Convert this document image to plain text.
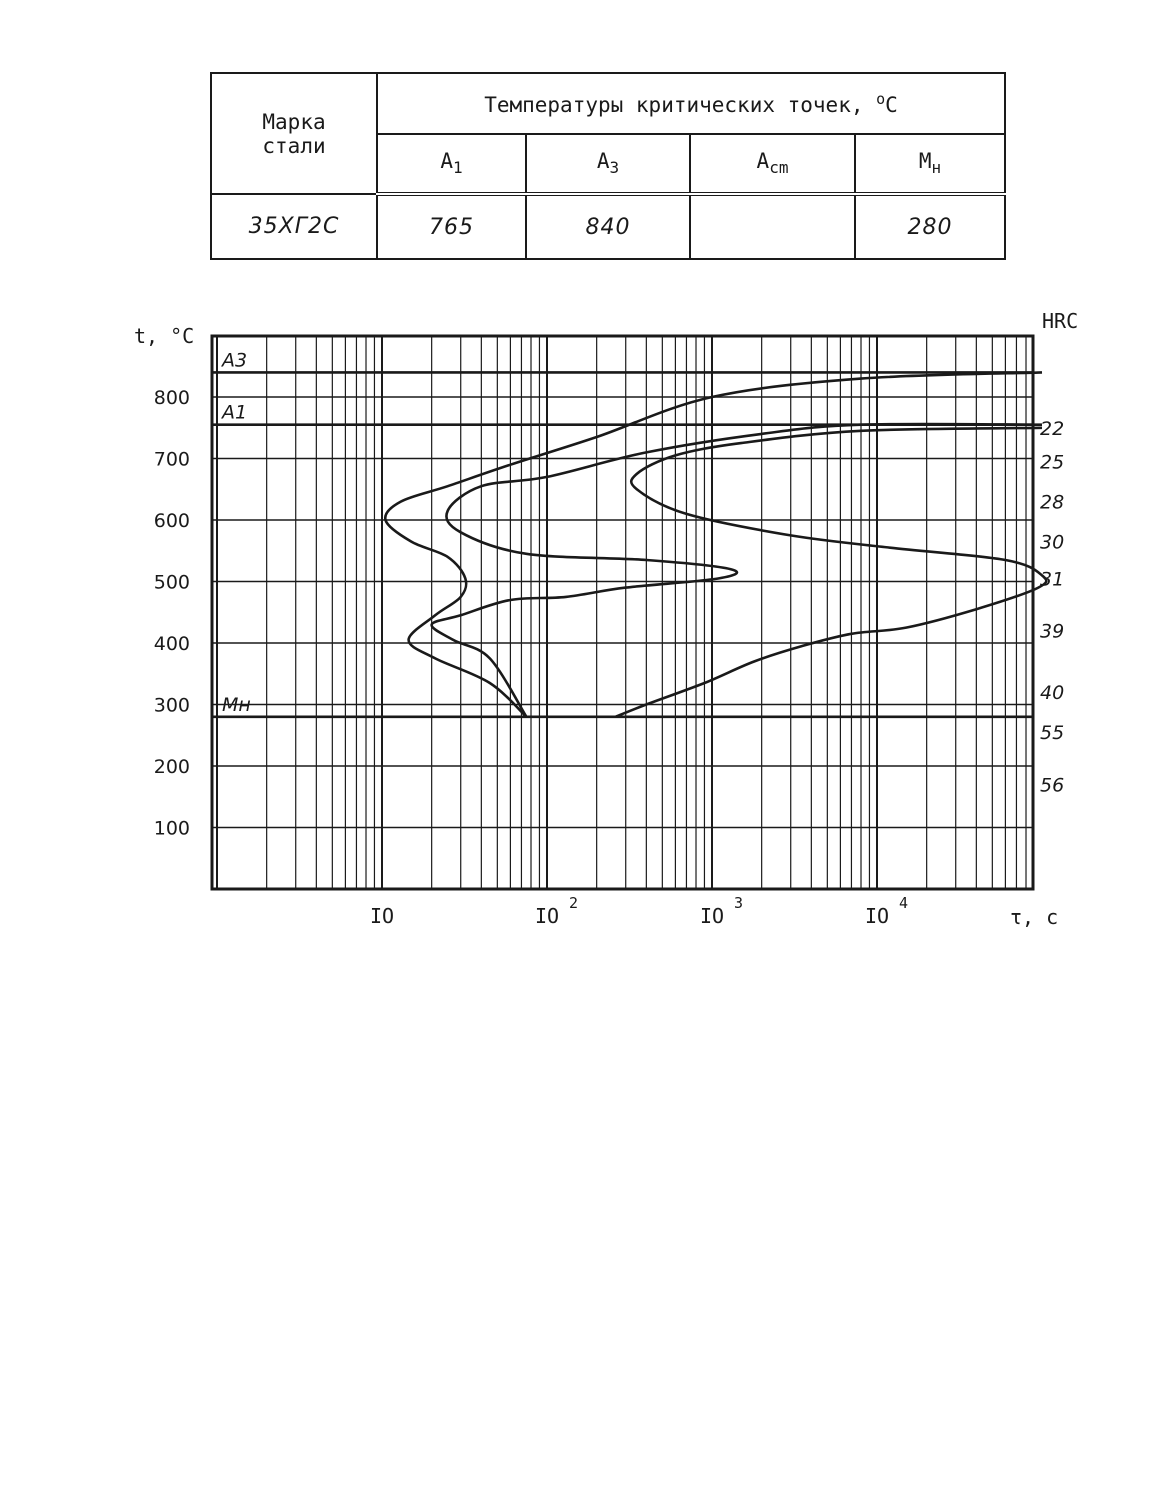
Марка стали	Температуры критических точек, $^o$C			
	$A_1$	$A_3$	$A_{cm}$	$M_н$
35ХГ2С	765	840		280
A3
A1
Mн
100
200
300
400
500
600
700
800
IO	IO
2
IO
3
IO
4
22
25
28
30
31
39
40
55
56
t, °C
HRC
τ, с
